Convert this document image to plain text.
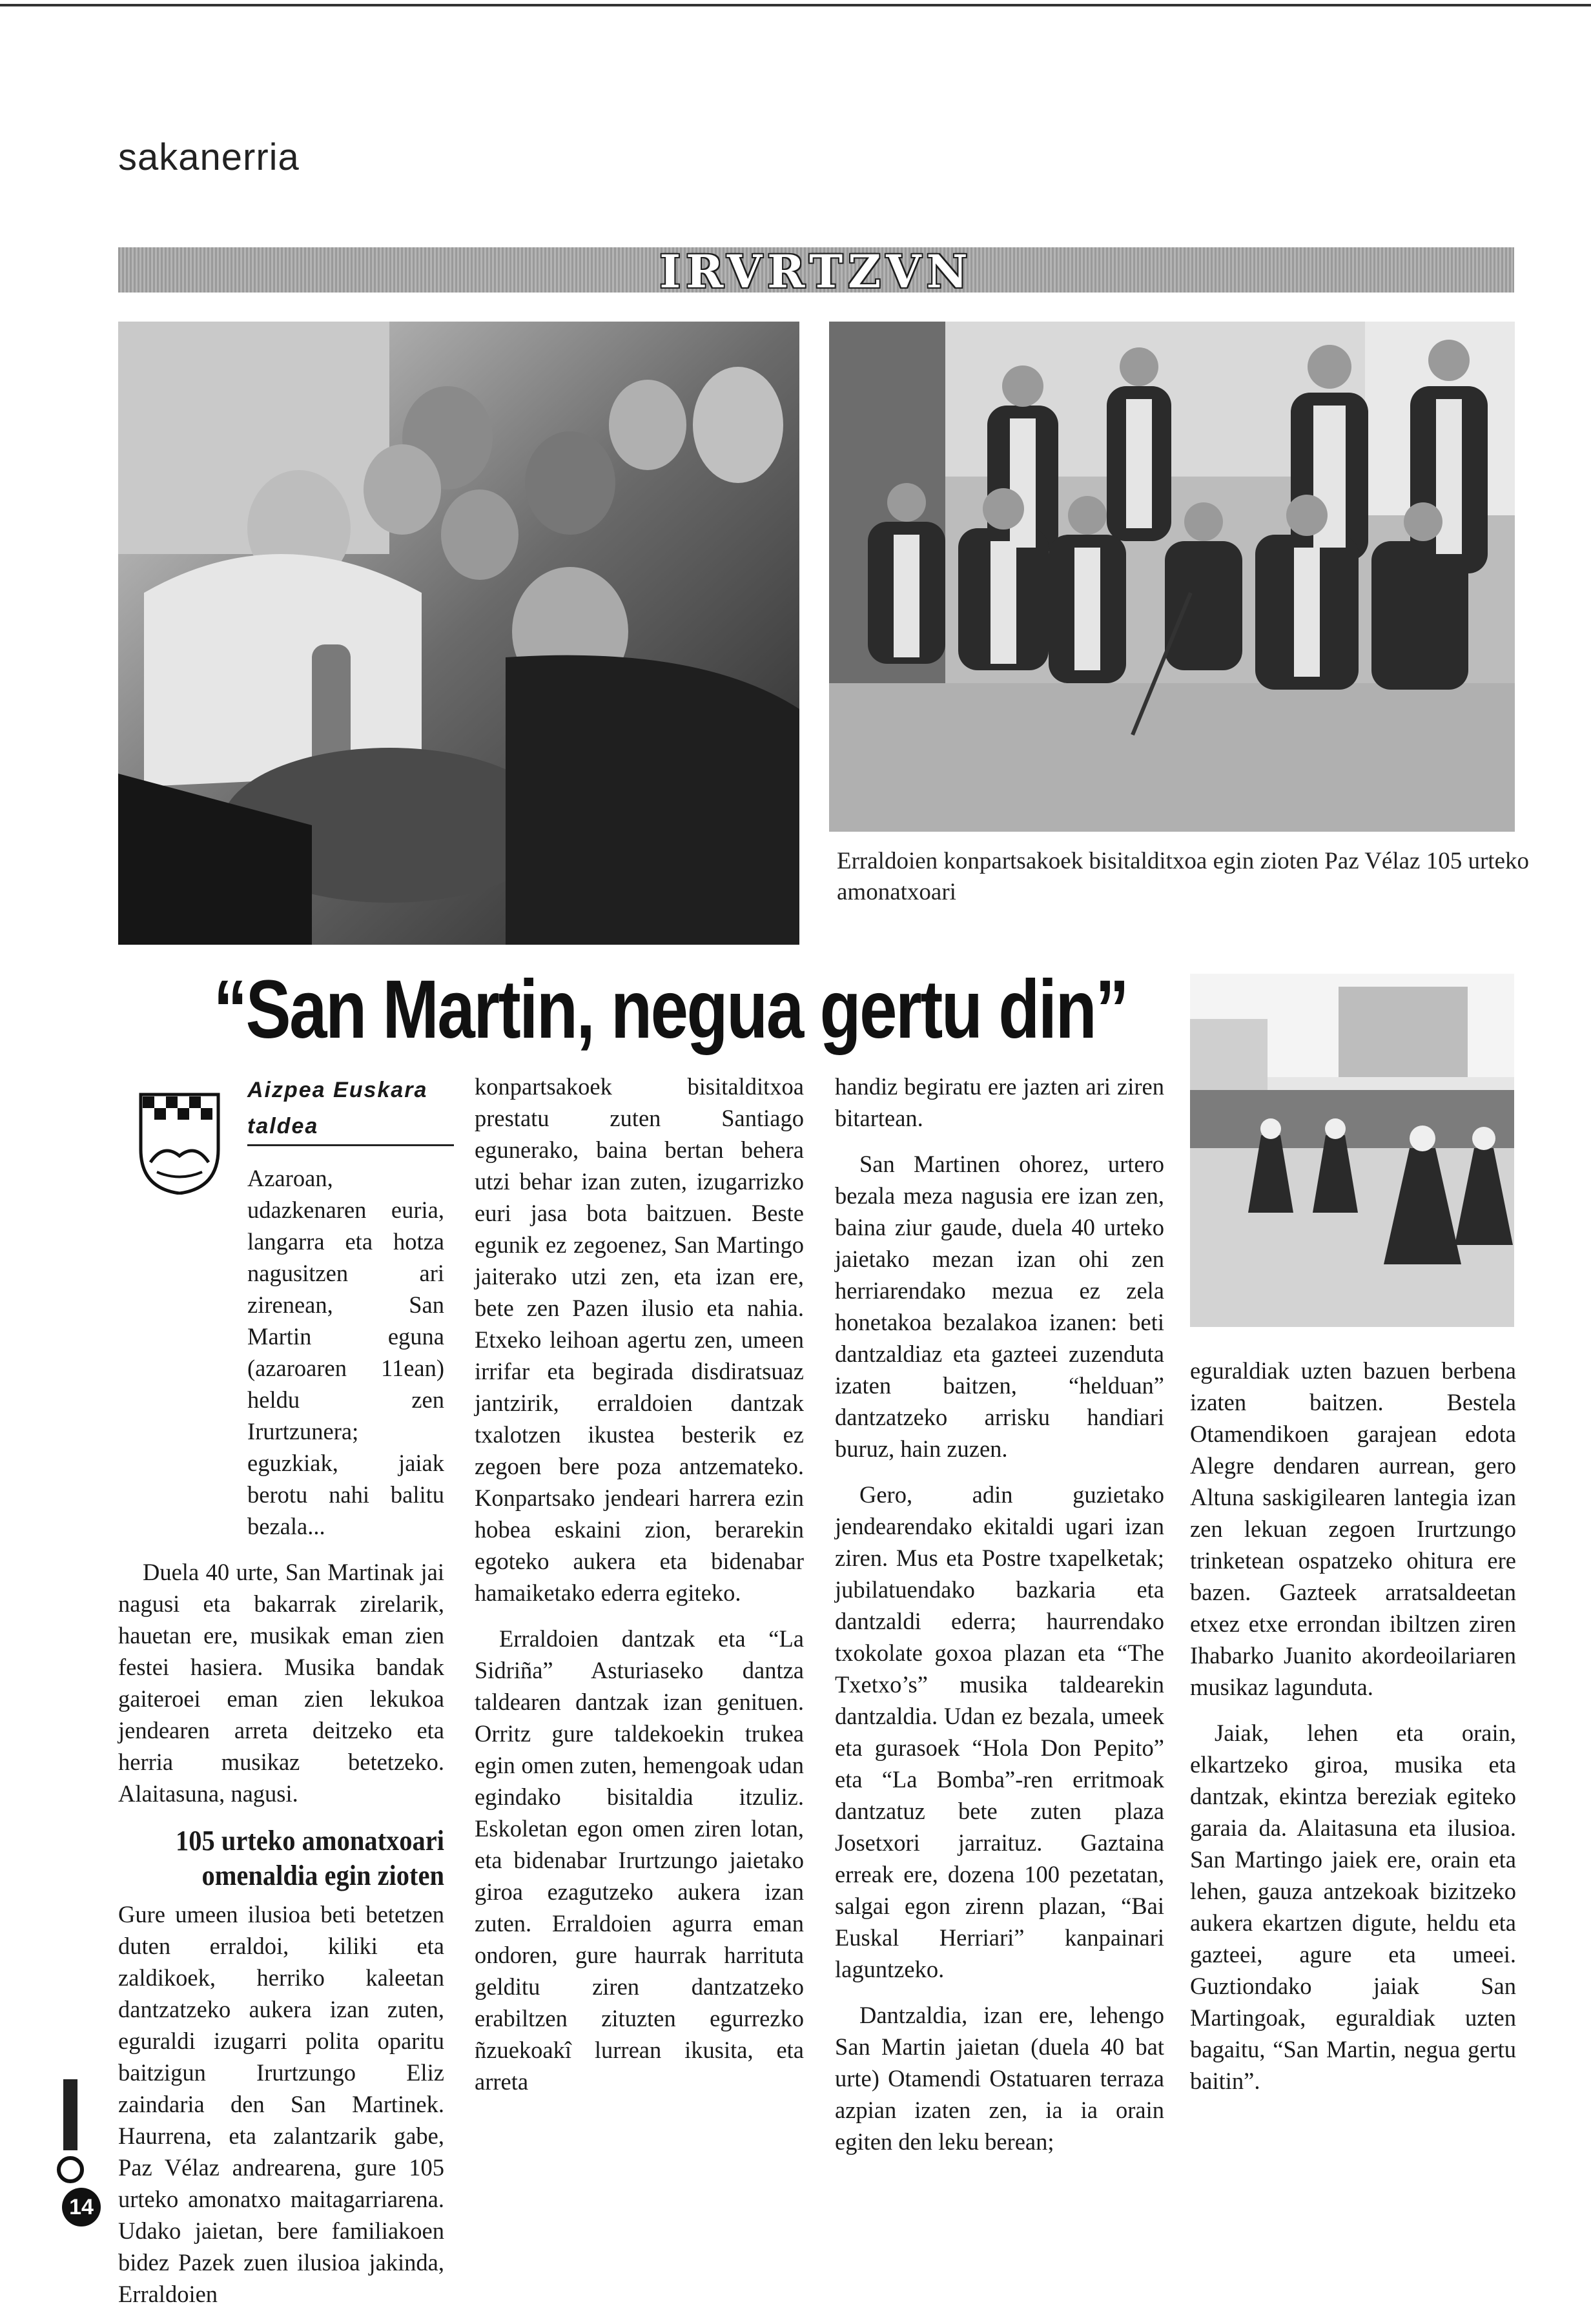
sakanerria
IRVRTZVN
Erraldoien konpartsakoek bisitalditxoa egin zioten Paz Vélaz 105 urteko amonatxoari
“San Martin, negua gertu din”
Aizpea Euskara
taldea

Azaroan, udazkenaren euria, langarra eta hotza nagusitzen ari zirenean, San Martin eguna (azaroaren 11ean) heldu zen Irurtzunera; eguzkiak, jaiak berotu nahi balitu bezala...

Duela 40 urte, San Martinak jai nagusi eta bakarrak zirelarik, hauetan ere, musikak eman zien festei hasiera. Musika bandak gaiteroei eman zien lekukoa jendearen arreta deitzeko eta herria musikaz betetzeko. Alaitasuna, nagusi.

105 urteko amonatxoari omenaldia egin zioten

Gure umeen ilusioa beti betetzen duten erraldoi, kiliki eta zaldikoek, herriko kaleetan dantzatzeko aukera izan zuten, eguraldi izugarri polita oparitu baitzigun Irurtzungo Eliz zaindaria den San Martinek. Haurrena, eta zalantzarik gabe, Paz Vélaz andrearena, gure 105 urteko amonatxo maitagarriarena. Udako jaietan, bere familiakoen bidez Pazek zuen ilusioa jakinda, Erraldoien

konpartsakoek bisitalditxoa prestatu zuten Santiago egunerako, baina bertan behera utzi behar izan zuten, izugarrizko euri jasa bota baitzuen. Beste egunik ez zegoenez, San Martingo jaiterako utzi zen, eta izan ere, bete zen Pazen ilusio eta nahia. Etxeko leihoan agertu zen, umeen irrifar eta begirada disdiratsuaz jantzirik, erraldoien dantzak txalotzen ikustea besterik ez zegoen bere poza antzemateko. Konpartsako jendeari harrera ezin hobea eskaini zion, berarekin egoteko aukera eta bidenabar hamaiketako ederra egiteko.

Erraldoien dantzak eta “La Sidriña” Asturiaseko dantza taldearen dantzak izan genituen. Orritz gure taldekoekin trukea egin omen zuten, hemengoak udan egindako bisitaldia itzuliz. Eskoletan egon omen ziren lotan, eta bidenabar Irurtzungo jaietako giroa ezagutzeko aukera izan zuten. Erraldoien agurra eman ondoren, gure haurrak harrituta gelditu ziren dantzatzeko erabiltzen zituzten egurrezko ñzuekoakî lurrean ikusita, eta arreta

handiz begiratu ere jazten ari ziren bitartean.

San Martinen ohorez, urtero bezala meza nagusia ere izan zen, baina ziur gaude, duela 40 urteko jaietako mezan izan ohi zen herriarendako mezua ez zela honetakoa bezalakoa izanen: beti dantzaldiaz eta gazteei zuzenduta izaten baitzen, “helduan” dantzatzeko arrisku handiari buruz, hain zuzen.

Gero, adin guzietako jendearendako ekitaldi ugari izan ziren. Mus eta Postre txapelketak; jubilatuendako bazkaria eta dantzaldi ederra; haurrendako txokolate goxoa plazan eta “The Txetxo’s” musika taldearekin dantzaldia. Udan ez bezala, umeek eta gurasoek “Hola Don Pepito” eta “La Bomba”-ren erritmoak dantzatuz bete zuten plaza Josetxori jarraituz. Gaztaina erreak ere, dozena 100 pezetatan, salgai egon zirenn plazan, “Bai Euskal Herriari” kanpainari laguntzeko.

Dantzaldia, izan ere, lehengo San Martin jaietan (duela 40 bat urte) Otamendi Ostatuaren terraza azpian izaten zen, ia ia orain egiten den leku berean;

eguraldiak uzten bazuen berbena izaten baitzen. Bestela Otamendikoen garajean edota Alegre dendaren aurrean, gero Altuna saskigilearen lantegia izan zen lekuan zegoen Irurtzungo trinketean ospatzeko ohitura ere bazen. Gazteek arratsaldeetan etxez etxe errondan ibiltzen ziren Ihabarko Juanito akordeoilariaren musikaz lagunduta.

Jaiak, lehen eta orain, elkartzeko giroa, musika eta dantzak, ekintza bereziak egiteko garaia da. Alaitasuna eta ilusioa. San Martingo jaiek ere, orain eta lehen, gauza antzekoak bizitzeko aukera ekartzen digute, heldu eta gazteei, agure eta umeei. Guztiondako jaiak San Martingoak, eguraldiak uzten bagaitu, “San Martin, negua gertu baitin”.

14
